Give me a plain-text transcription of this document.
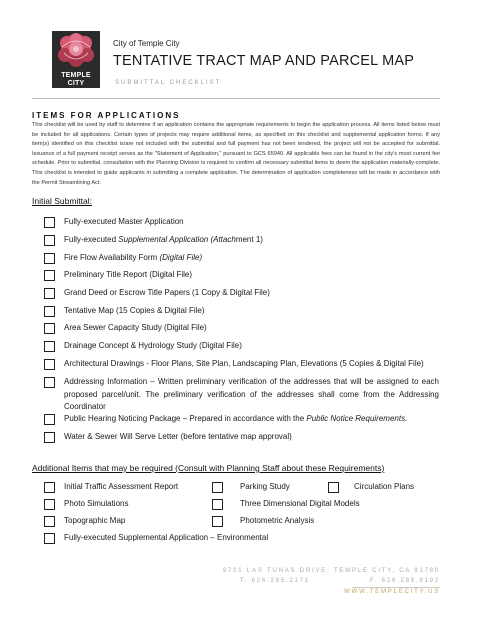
TEMPLE
CITY
City of Temple City
TENTATIVE TRACT MAP AND PARCEL MAP
SUBMITTAL CHECKLIST
ITEMS FOR APPLICATIONS

This checklist will be used by staff to determine if an application contains the appropriate requirements to begin the application process. All items listed below must be included for all applications. Certain types of projects may require additional items, as specified on this checklist and supplemental application forms. If any item(s) identified on this checklist is/are not included with the submittal and full payment has not been tendered, the project will not be accepted for submittal. Issuance of a full payment receipt serves as the "Statement of Application," pursuant to GCS 65940. All applicable fees can be found in the city's most current fee schedule. Prior to submittal, consultation with the Planning Division is required to confirm all necessary submittal items to deem the application materially-complete. This checklist is intended to guide applicants in submitting a complete application. The determination of application completeness will be made in accordance with the Permit Streamlining Act.

Initial Submittal:
Fully-executed Master Application
Fully-executed Supplemental Application (Attachment 1)
Fire Flow Availability Form (Digital File)
Preliminary Title Report (Digital File)
Grand Deed or Escrow Title Papers (1 Copy & Digital File)
Tentative Map (15 Copies & Digital File)
Area Sewer Capacity Study (Digital File)
Drainage Concept & Hydrology Study (Digital File)
Architectural Drawings - Floor Plans, Site Plan, Landscaping Plan, Elevations (5 Copies & Digital File)

Addressing Information – Written preliminary verification of the addresses that will be assigned to each proposed parcel/unit. The preliminary verification of the addresses shall come from the Addressing Coordinator

Public Hearing Noticing Package – Prepared in accordance with the Public Notice Requirements.
Water & Sewer Will Serve Letter (before tentative map approval)
Additional Items that may be required (Consult with Planning Staff about these Requirements)
Initial Traffic Assessment Report	Parking Study	Circulation Plans
Photo Simulations	Three Dimensional Digital Models
Topographic Map	Photometric Analysis
Fully-executed Supplemental Application – Environmental
9701 LAS TUNAS DRIVE, TEMPLE CITY, CA 91780
T. 626.285.2171	F. 626.285.8192
WWW.TEMPLECITY.US
